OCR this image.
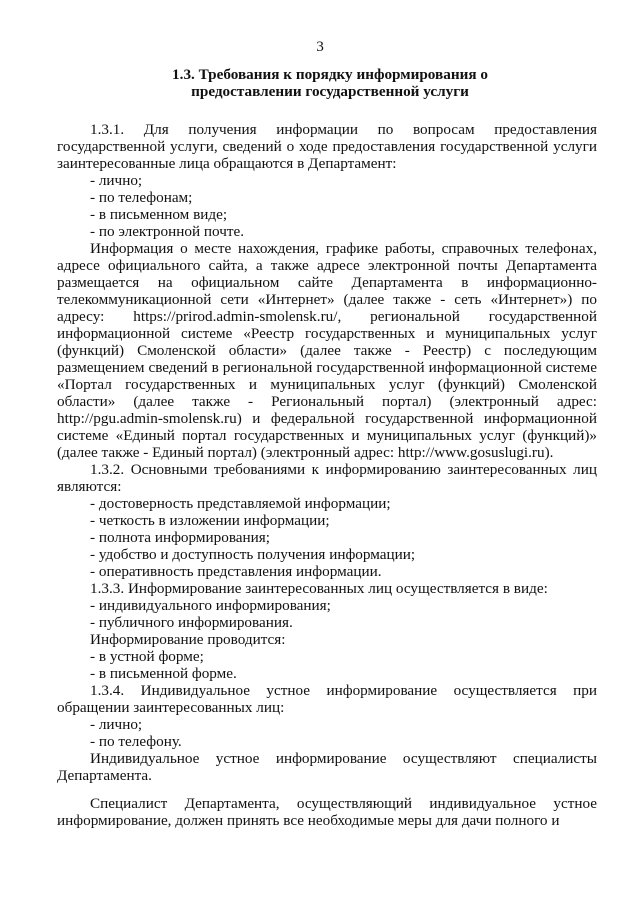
3
1.3. Требования к порядку информирования о
предоставлении государственной услуги
1.3.1. Для получения информации по вопросам предоставления государственной услуги, сведений о ходе предоставления государственной услуги заинтересованные лица обращаются в Департамент:
- лично;
- по телефонам;
- в письменном виде;
- по электронной почте.
Информация о месте нахождения, графике работы, справочных телефонах, адресе официального сайта, а также адресе электронной почты Департамента размещается на официальном сайте Департамента в информационно-телекоммуникационной сети «Интернет» (далее также - сеть «Интернет») по адресу: https://prirod.admin-smolensk.ru/, региональной государственной информационной системе «Реестр государственных и муниципальных услуг (функций) Смоленской области» (далее также - Реестр) с последующим размещением сведений в региональной государственной информационной системе «Портал государственных и муниципальных услуг (функций) Смоленской области» (далее также - Региональный портал) (электронный адрес: http://pgu.admin-smolensk.ru) и федеральной государственной информационной системе «Единый портал государственных и муниципальных услуг (функций)» (далее также - Единый портал) (электронный адрес: http://www.gosuslugi.ru).
1.3.2. Основными требованиями к информированию заинтересованных лиц являются:
- достоверность представляемой информации;
- четкость в изложении информации;
- полнота информирования;
- удобство и доступность получения информации;
- оперативность представления информации.
1.3.3. Информирование заинтересованных лиц осуществляется в виде:
- индивидуального информирования;
- публичного информирования.
Информирование проводится:
- в устной форме;
- в письменной форме.
1.3.4. Индивидуальное устное информирование осуществляется при обращении заинтересованных лиц:
- лично;
- по телефону.
Индивидуальное устное информирование осуществляют специалисты Департамента.
Специалист Департамента, осуществляющий индивидуальное устное информирование, должен принять все необходимые меры для дачи полного и
